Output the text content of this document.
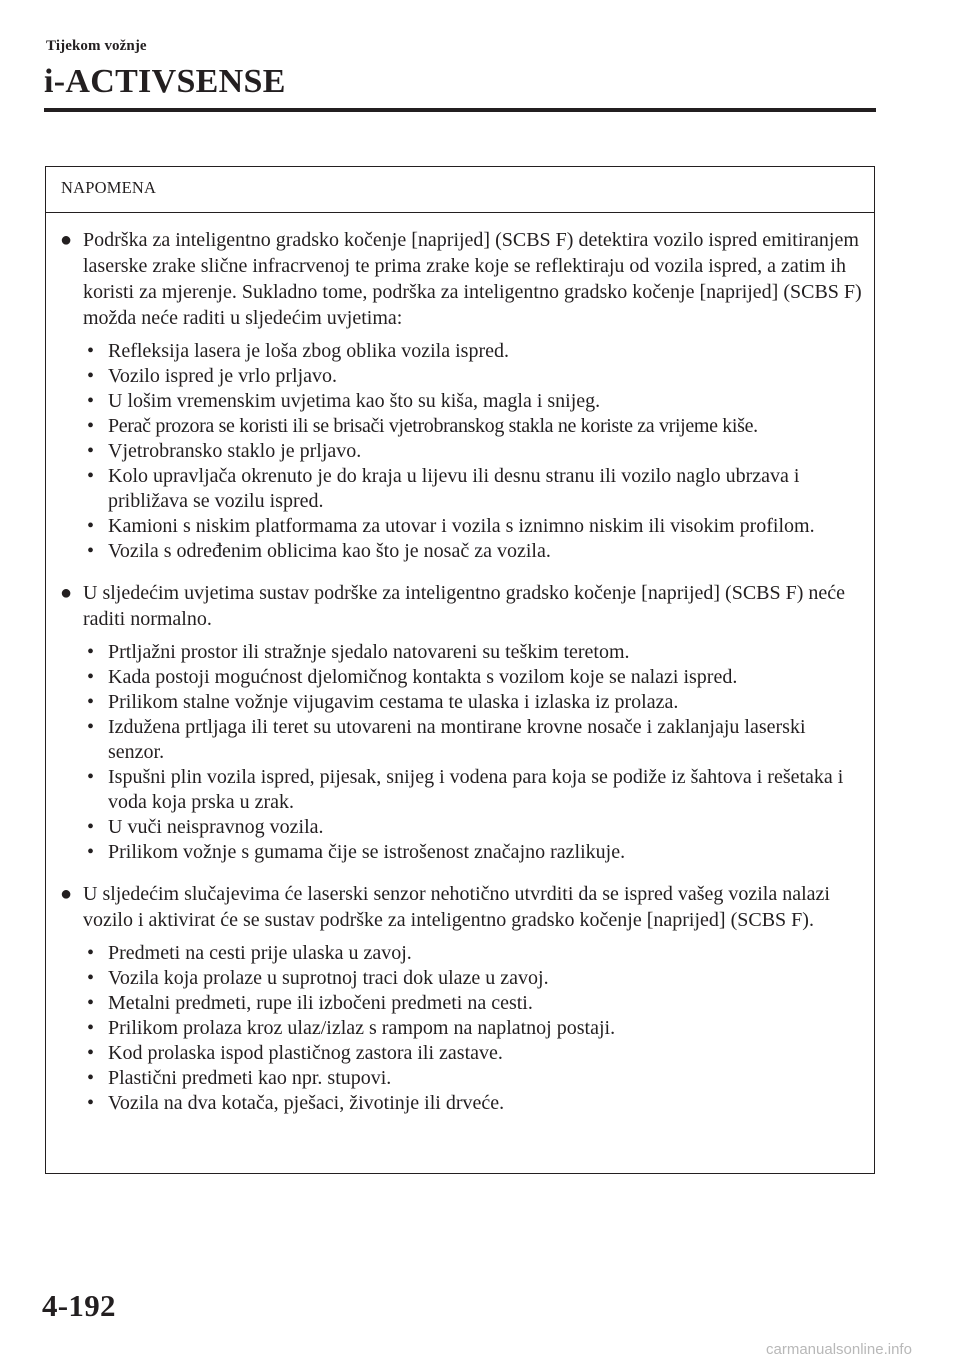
Tijekom vožnje
i-ACTIVSENSE
NAPOMENA
● Podrška za inteligentno gradsko kočenje [naprijed] (SCBS F) detektira vozilo ispred emitiranjem laserske zrake slične infracrvenoj te prima zrake koje se reflektiraju od vozila ispred, a zatim ih koristi za mjerenje. Sukladno tome, podrška za inteligentno gradsko kočenje [naprijed] (SCBS F) možda neće raditi u sljedećim uvjetima:
• Refleksija lasera je loša zbog oblika vozila ispred.
• Vozilo ispred je vrlo prljavo.
• U lošim vremenskim uvjetima kao što su kiša, magla i snijeg.
• Perač prozora se koristi ili se brisači vjetrobranskog stakla ne koriste za vrijeme kiše.
• Vjetrobransko staklo je prljavo.
• Kolo upravljača okrenuto je do kraja u lijevu ili desnu stranu ili vozilo naglo ubrzava i približava se vozilu ispred.
• Kamioni s niskim platformama za utovar i vozila s iznimno niskim ili visokim profilom.
• Vozila s određenim oblicima kao što je nosač za vozila.
● U sljedećim uvjetima sustav podrške za inteligentno gradsko kočenje [naprijed] (SCBS F) neće raditi normalno.
• Prtljažni prostor ili stražnje sjedalo natovareni su teškim teretom.
• Kada postoji mogućnost djelomičnog kontakta s vozilom koje se nalazi ispred.
• Prilikom stalne vožnje vijugavim cestama te ulaska i izlaska iz prolaza.
• Izdužena prtljaga ili teret su utovareni na montirane krovne nosače i zaklanjaju laserski senzor.
• Ispušni plin vozila ispred, pijesak, snijeg i vodena para koja se podiže iz šahtova i rešetaka i voda koja prska u zrak.
• U vuči neispravnog vozila.
• Prilikom vožnje s gumama čije se istrošenost značajno razlikuje.
● U sljedećim slučajevima će laserski senzor nehotično utvrditi da se ispred vašeg vozila nalazi vozilo i aktivirat će se sustav podrške za inteligentno gradsko kočenje [naprijed] (SCBS F).
• Predmeti na cesti prije ulaska u zavoj.
• Vozila koja prolaze u suprotnoj traci dok ulaze u zavoj.
• Metalni predmeti, rupe ili izbočeni predmeti na cesti.
• Prilikom prolaza kroz ulaz/izlaz s rampom na naplatnoj postaji.
• Kod prolaska ispod plastičnog zastora ili zastave.
• Plastični predmeti kao npr. stupovi.
• Vozila na dva kotača, pješaci, životinje ili drveće.
4-192
carmanualsonline.info
